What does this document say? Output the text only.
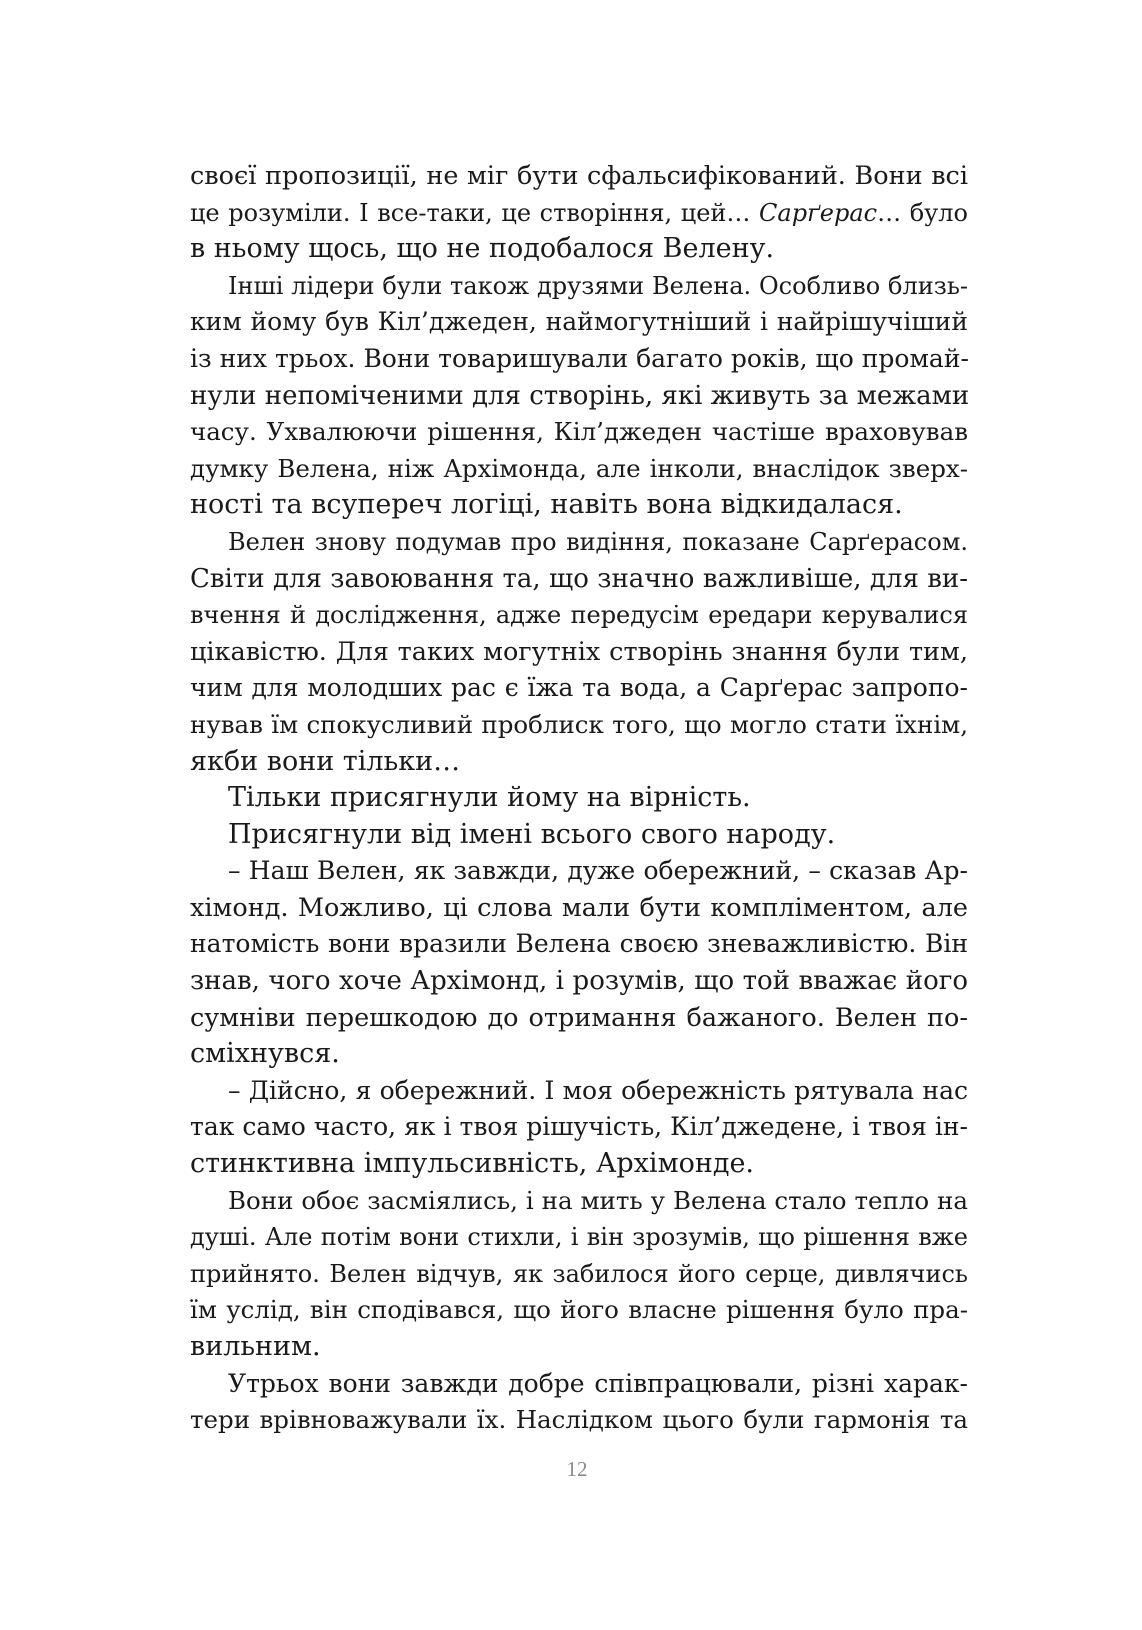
своєї пропозиції, не міг бути сфальсифікований. Вони всі
це розуміли. І все-таки, це створіння, цей… Сарґерас… було
в ньому щось, що не подобалося Велену.
Інші лідери були також друзями Велена. Особливо близь-
ким йому був Кіл’джеден, наймогутніший і найрішучіший
із них трьох. Вони товаришували багато років, що промай-
нули непоміченими для створінь, які живуть за межами
часу. Ухвалюючи рішення, Кіл’джеден частіше враховував
думку Велена, ніж Архімонда, але інколи, внаслідок зверх-
ності та всупереч логіці, навіть вона відкидалася.
Велен знову подумав про видіння, показане Сарґерасом.
Світи для завоювання та, що значно важливіше, для ви-
вчення й дослідження, адже передусім ередари керувалися
цікавістю. Для таких могутніх створінь знання були тим,
чим для молодших рас є їжа та вода, а Сарґерас запропо-
нував їм спокусливий проблиск того, що могло стати їхнім,
якби вони тільки…
Тільки присягнули йому на вірність.
Присягнули від імені всього свого народу.
– Наш Велен, як завжди, дуже обережний, – сказав Ар-
хімонд. Можливо, ці слова мали бути компліментом, але
натомість вони вразили Велена своєю зневажливістю. Він
знав, чого хоче Архімонд, і розумів, що той вважає його
сумніви перешкодою до отримання бажаного. Велен по-
сміхнувся.
– Дійсно, я обережний. І моя обережність рятувала нас
так само часто, як і твоя рішучість, Кіл’джедене, і твоя ін-
стинктивна імпульсивність, Архімонде.
Вони обоє засміялись, і на мить у Велена стало тепло на
душі. Але потім вони стихли, і він зрозумів, що рішення вже
прийнято. Велен відчув, як забилося його серце, дивлячись
їм услід, він сподівався, що його власне рішення було пра-
вильним.
Утрьох вони завжди добре співпрацювали, різні харак-
тери врівноважували їх. Наслідком цього були гармонія та
12
